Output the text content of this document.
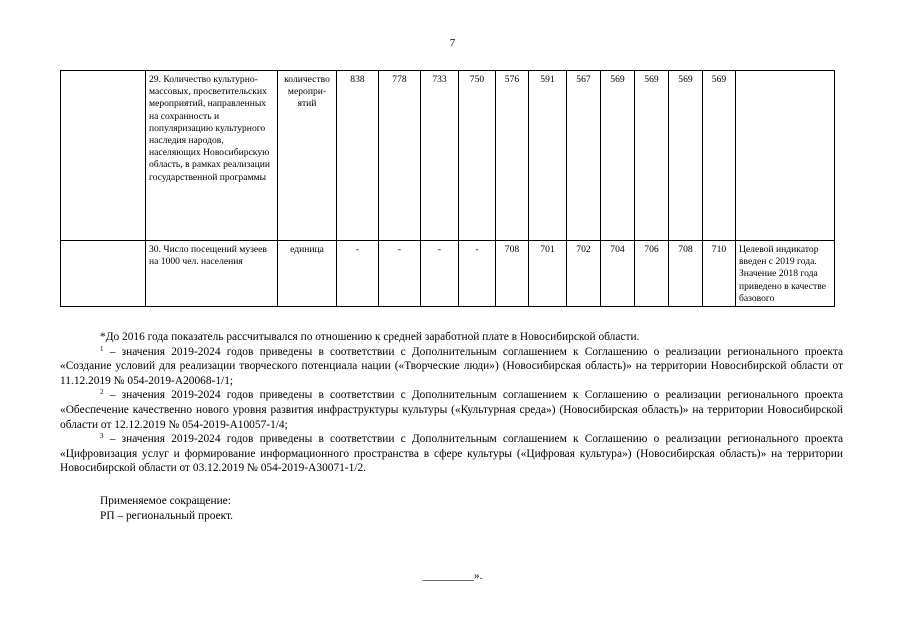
7
	29. Количество культурно-массовых, просветительских мероприятий, направленных на сохранность и популяризацию культурного наследия народов, населяющих Новосибирскую область, в рамках реализации государственной программы	количество меропри-ятий	838	778	733	750	576	591	567	569	569	569	569	
	30. Число посещений музеев на 1000 чел. населения	единица	-	-	-	-	708	701	702	704	706	708	710	Целевой индикатор введен с 2019 года. Значение 2018 года приведено в качестве базового

*До 2016 года показатель рассчитывался по отношению к средней заработной плате в Новосибирской области.

$^1$ – значения 2019-2024 годов приведены в соответствии с Дополнительным соглашением к Соглашению о реализации регионального проекта «Создание условий для реализации творческого потенциала нации («Творческие люди») (Новосибирская область)» на территории Новосибирской области от 11.12.2019 № 054-2019-А20068-1/1;

$^2$ – значения 2019-2024 годов приведены в соответствии с Дополнительным соглашением к Соглашению о реализации регионального проекта «Обеспечение качественно нового уровня развития инфраструктуры культуры («Культурная среда») (Новосибирская область)» на территории Новосибирской области от 12.12.2019 № 054-2019-А10057-1/4;

$^3$ – значения 2019-2024 годов приведены в соответствии с Дополнительным соглашением к Соглашению о реализации регионального проекта «Цифровизация услуг и формирование информационного пространства в сфере культуры («Цифровая культура») (Новосибирская область)» на территории Новосибирской области от 03.12.2019 № 054-2019-А30071-1/2.

Применяемое сокращение:
РП – региональный проект.
_________».
